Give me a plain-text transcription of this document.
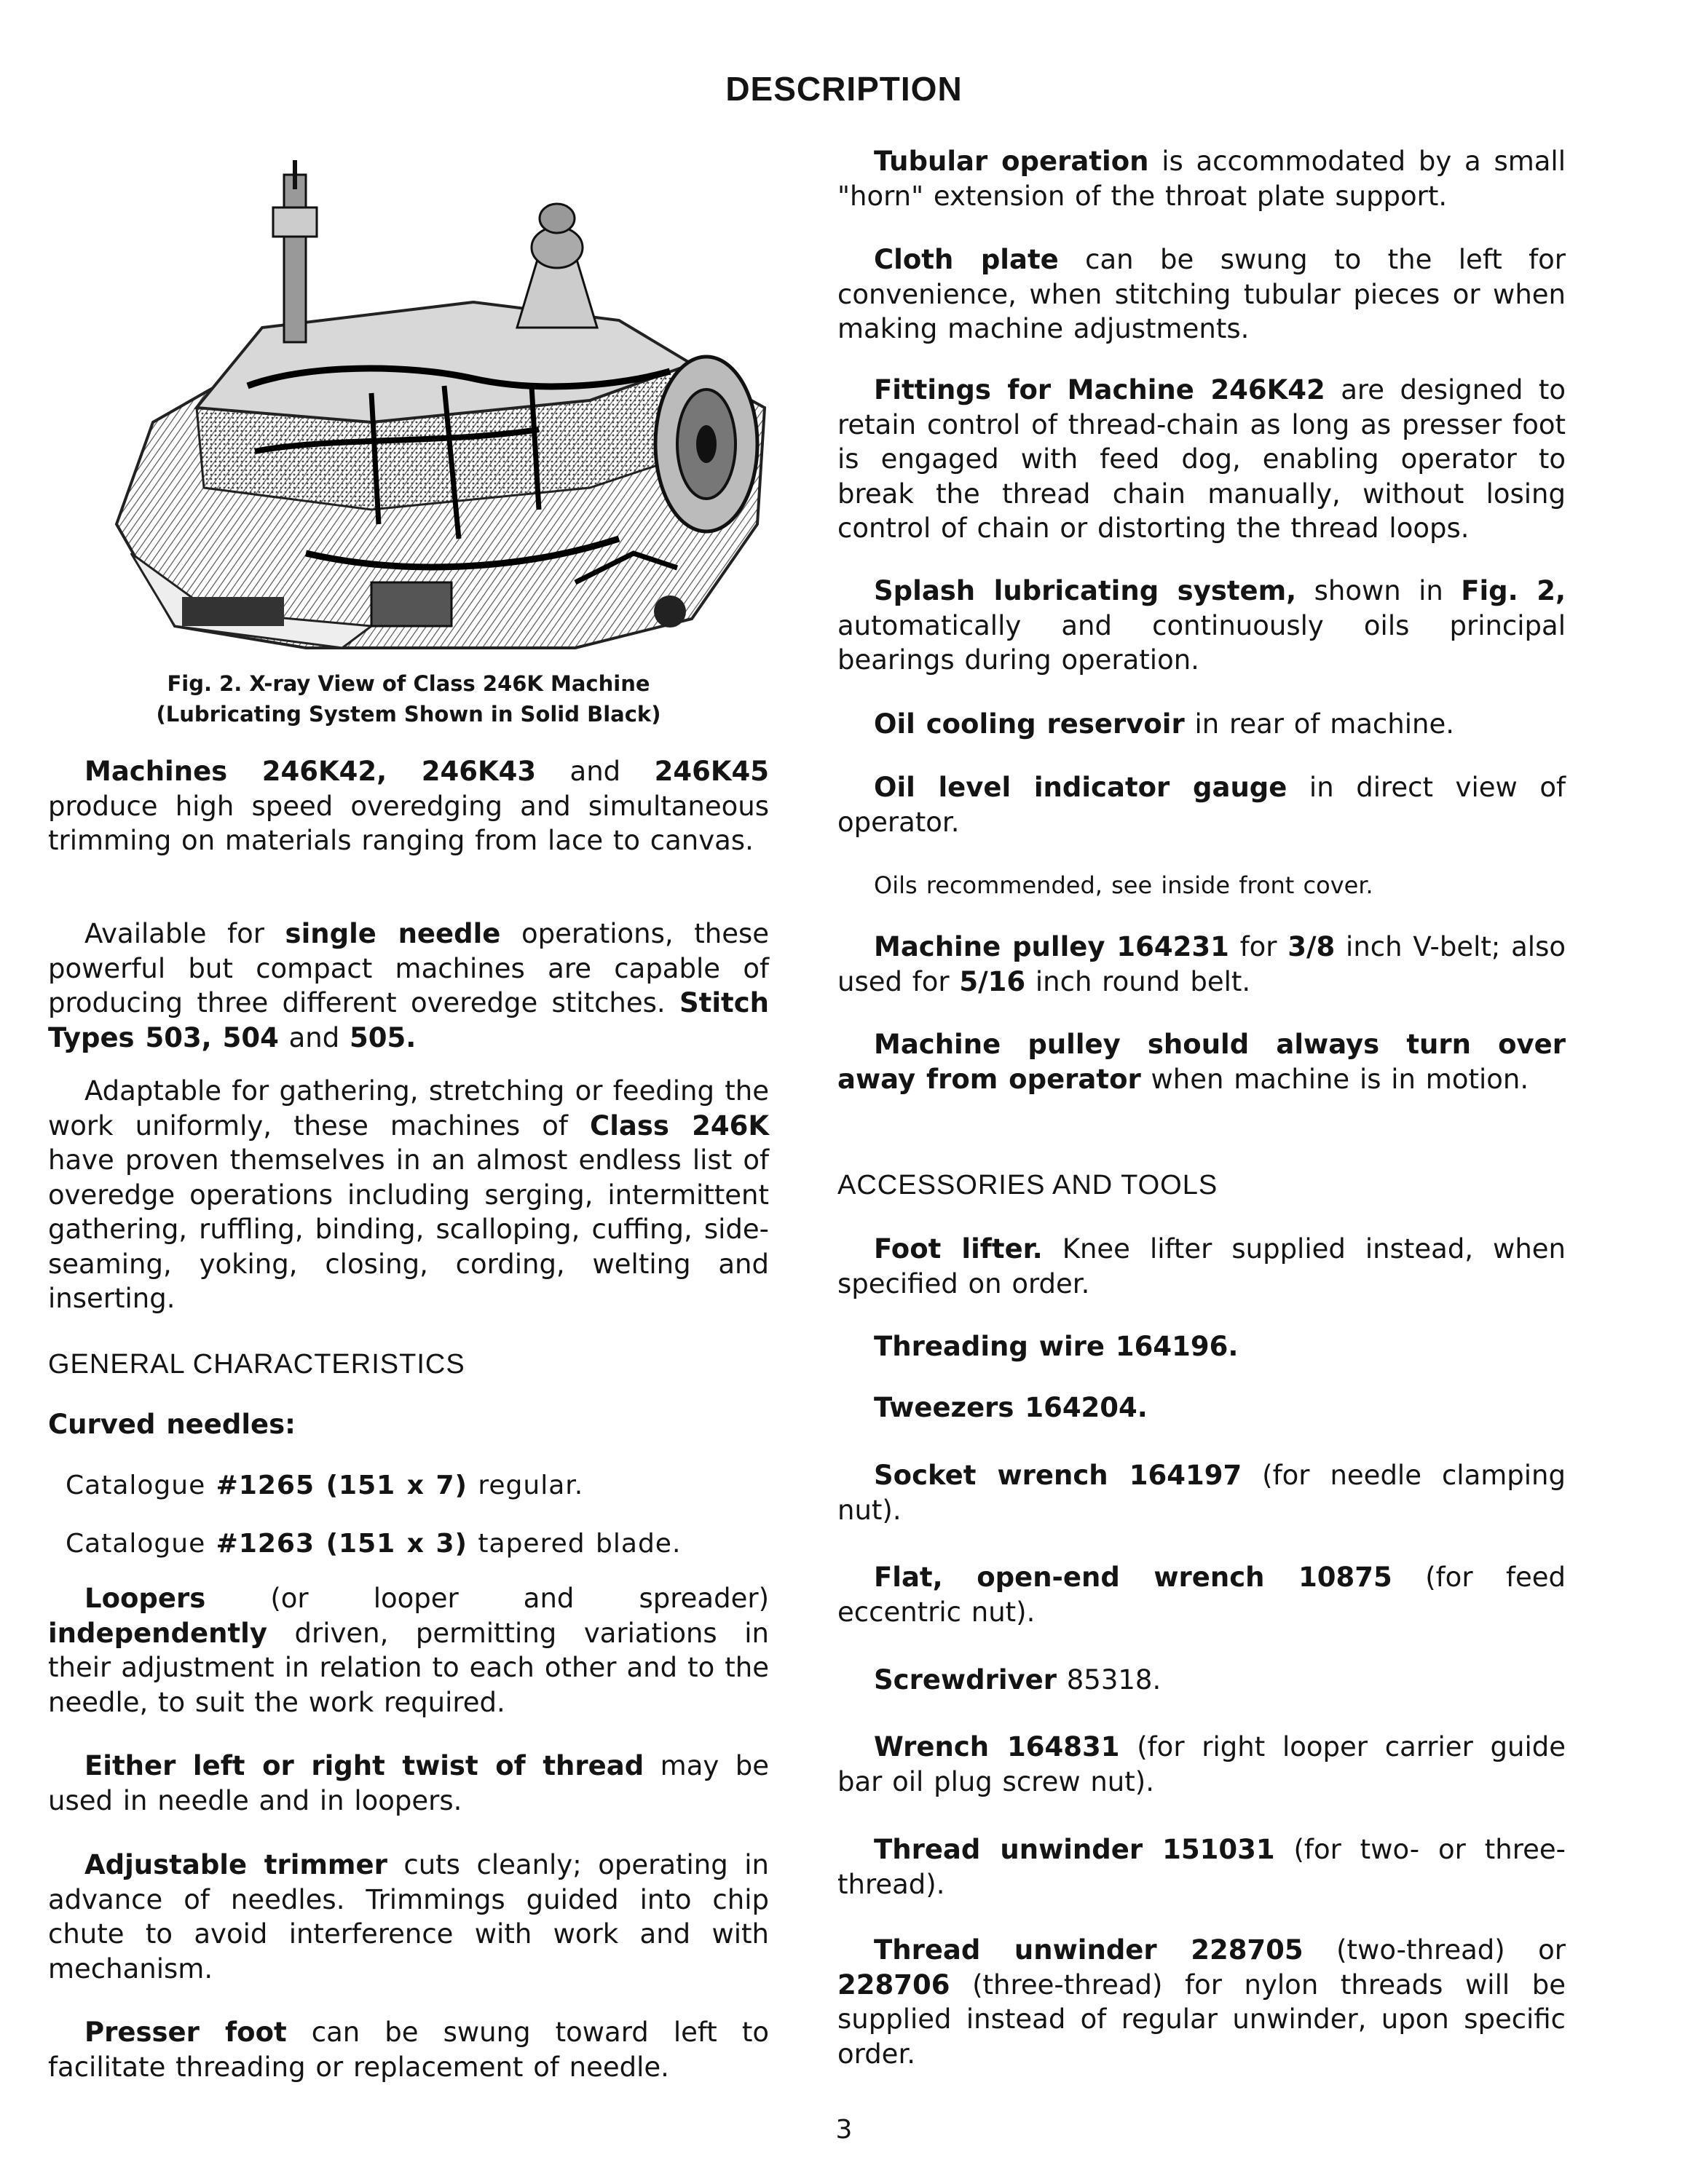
DESCRIPTION
Fig. 2. X-ray View of Class 246K Machine
(Lubricating System Shown in Solid Black)

Machines 246K42, 246K43 and 246K45 produce high speed overedging and simultaneous trimming on materials ranging from lace to canvas.

Available for single needle operations, these powerful but compact machines are capable of producing three different overedge stitches. Stitch Types 503, 504 and 505.

Adaptable for gathering, stretching or feeding the work uniformly, these machines of Class 246K have proven themselves in an almost endless list of overedge operations including serging, intermittent gathering, ruffling, binding, scalloping, cuffing, side-seaming, yoking, closing, cording, welting and inserting.

GENERAL CHARACTERISTICS

Curved needles:

Catalogue #1265 (151 x 7) regular.

Catalogue #1263 (151 x 3) tapered blade.

Loopers (or looper and spreader) independently driven, permitting variations in their adjustment in relation to each other and to the needle, to suit the work required.

Either left or right twist of thread may be used in needle and in loopers.

Adjustable trimmer cuts cleanly; operating in advance of needles. Trimmings guided into chip chute to avoid interference with work and with mechanism.

Presser foot can be swung toward left to facilitate threading or replacement of needle.

Tubular operation is accommodated by a small "horn" extension of the throat plate support.

Cloth plate can be swung to the left for convenience, when stitching tubular pieces or when making machine adjustments.

Fittings for Machine 246K42 are designed to retain control of thread-chain as long as presser foot is engaged with feed dog, enabling operator to break the thread chain manually, without losing control of chain or distorting the thread loops.

Splash lubricating system, shown in Fig. 2, automatically and continuously oils principal bearings during operation.

Oil cooling reservoir in rear of machine.

Oil level indicator gauge in direct view of operator.

Oils recommended, see inside front cover.

Machine pulley 164231 for 3/8 inch V-belt; also used for 5/16 inch round belt.

Machine pulley should always turn over away from operator when machine is in motion.

ACCESSORIES AND TOOLS

Foot lifter. Knee lifter supplied instead, when specified on order.

Threading wire 164196.

Tweezers 164204.

Socket wrench 164197 (for needle clamping nut).

Flat, open-end wrench 10875 (for feed eccentric nut).

Screwdriver 85318.

Wrench 164831 (for right looper carrier guide bar oil plug screw nut).

Thread unwinder 151031 (for two- or three-thread).

Thread unwinder 228705 (two-thread) or 228706 (three-thread) for nylon threads will be supplied instead of regular unwinder, upon specific order.

3
